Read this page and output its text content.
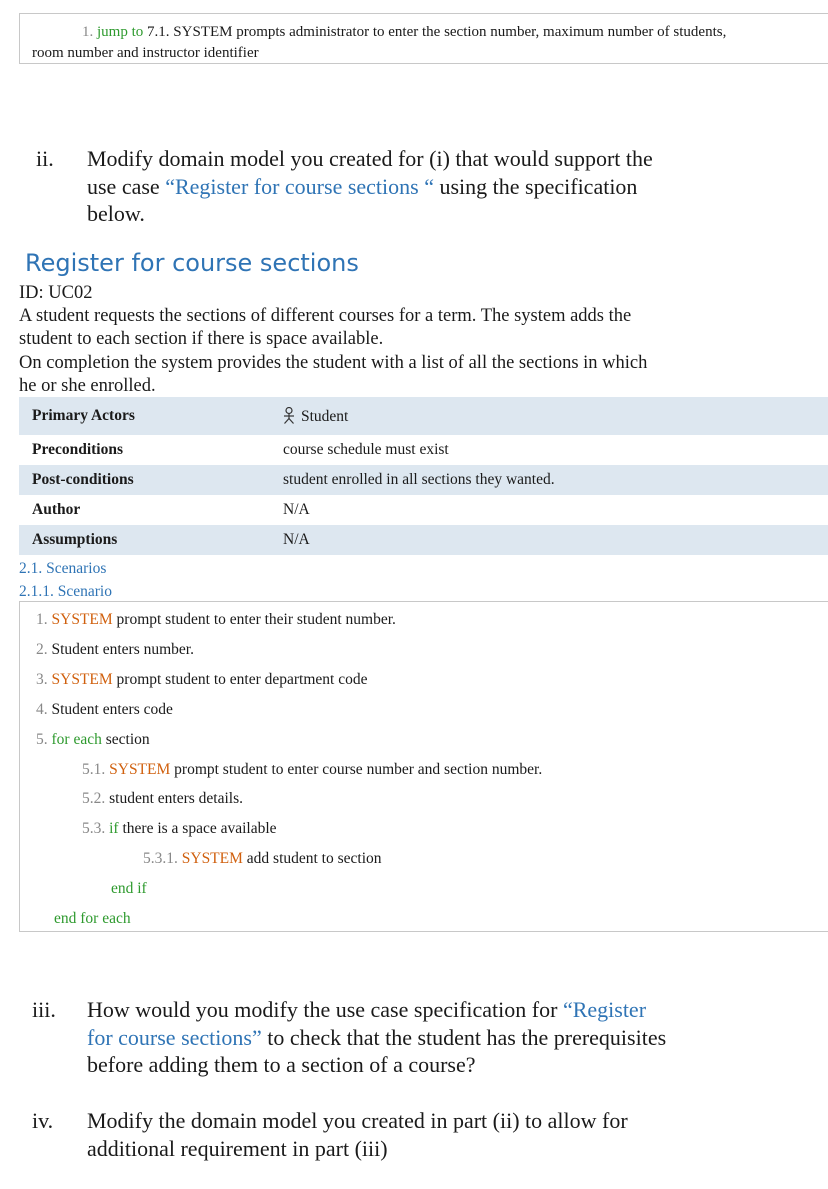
1. jump to 7.1. SYSTEM prompts administrator to enter the section number, maximum number of students,
room number and instructor identifier
ii. Modify domain model you created for (i) that would support the
use case “Register for course sections “ using the specification
below.
Register for course sections
ID: UC02
A student requests the sections of different courses for a term. The system adds the
student to each section if there is space available.
On completion the system provides the student with a list of all the sections in which
he or she enrolled.
Primary Actors	Student
Preconditions	course schedule must exist
Post-conditions	student enrolled in all sections they wanted.
Author	N/A
Assumptions	N/A
2.1. Scenarios
2.1.1. Scenario
1. SYSTEM prompt student to enter their student number.
2. Student enters number.
3. SYSTEM prompt student to enter department code
4. Student enters code
5. for each section
5.1. SYSTEM prompt student to enter course number and section number.
5.2. student enters details.
5.3. if there is a space available
5.3.1. SYSTEM add student to section
end if
end for each
iii. How would you modify the use case specification for “Register
for course sections” to check that the student has the prerequisites
before adding them to a section of a course?
iv. Modify the domain model you created in part (ii) to allow for
additional requirement in part (iii)
